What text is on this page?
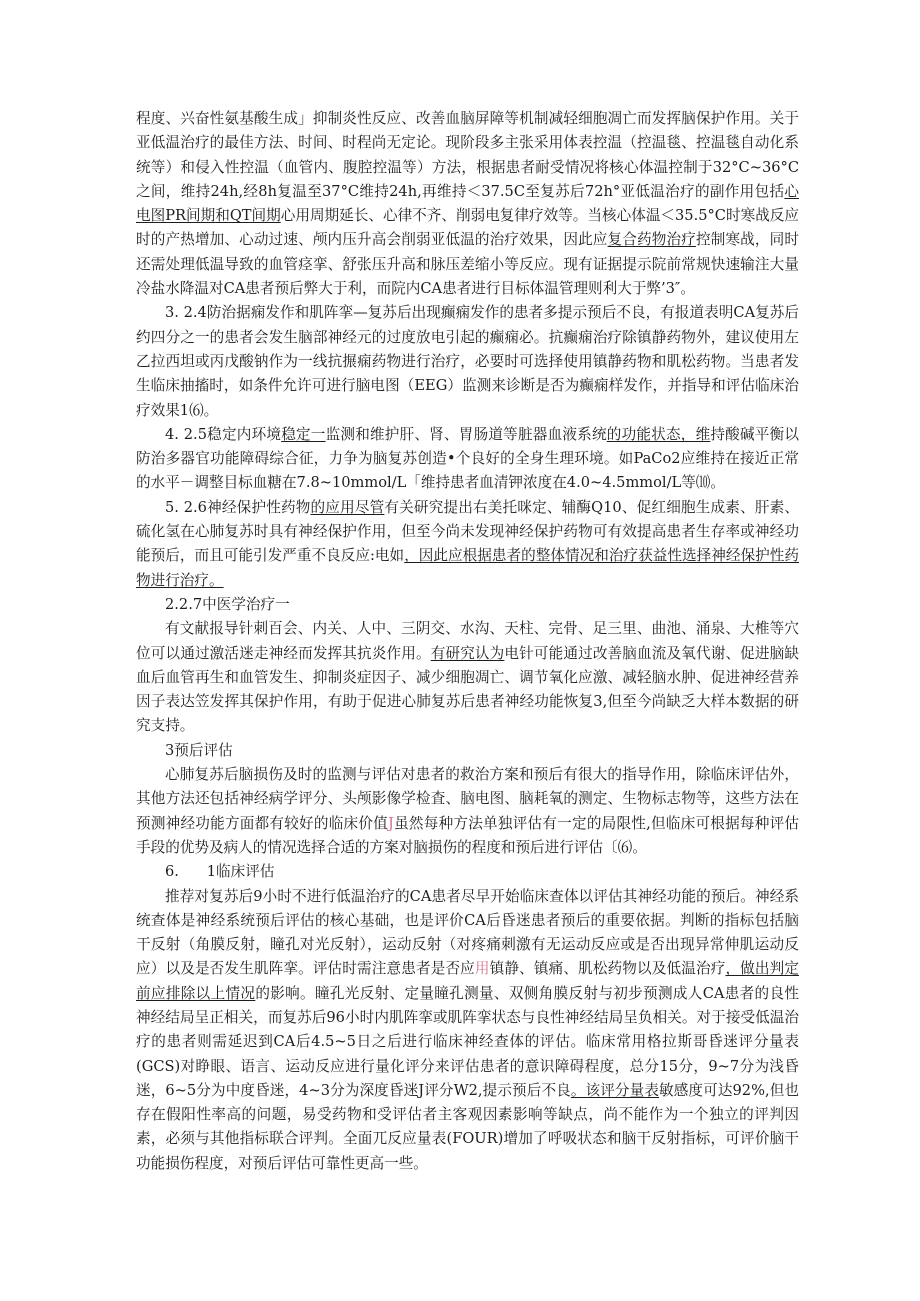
程度、兴奋性氨基酸生成」抑制炎性反应、改善血脑屏障等机制减轻细胞凋亡而发挥脑保护作用。关于亚低温治疗的最佳方法、时间、时程尚无定论。现阶段多主张采用体表控温（控温毯、控温毯自动化系统等）和侵入性控温（血管内、腹腔控温等）方法，根据患者耐受情况将核心体温控制于32°C~36°C之间，维持24h,经8h复温至37°C维持24h,再维持＜37.5C至复苏后72h°亚低温治疗的副作用包括心电图PR间期和QT间期心用周期延长、心律不齐、削弱电复律疗效等。当核心体温＜35.5°C时寒战反应时的产热增加、心动过速、颅内压升高会削弱亚低温的治疗效果，因此应复合药物治疗控制寒战，同时还需处理低温导致的血管痉挛、舒张压升高和脉压差缩小等反应。现有证据提示院前常规快速输注大量冷盐水降温对CA患者预后弊大于利，而院内CA患者进行目标体温管理则利大于弊’3″。

3. 2.4防治据痫发作和肌阵挛—复苏后出现癫痫发作的患者多提示预后不良，有报道表明CA复苏后约四分之一的患者会发生脑部神经元的过度放电引起的癫痫必。抗癫痫治疗除镇静药物外，建议使用左乙拉西坦或丙戊酸钠作为一线抗搌痫药物进行治疗，必要时可选择使用镇静药物和肌松药物。当患者发生临床抽搐时，如条件允许可进行脑电图（EEG）监测来诊断是否为癫痫样发作，并指导和评估临床治疗效果1⑹。

4. 2.5稳定内环境稳定一监测和维护肝、肾、胃肠道等脏器血液系统的功能状态，维持酸碱平衡以防治多器官功能障碍综合征，力争为脑复苏创造•个良好的全身生理环境。如PaCo2应维持在接近正常的水平－调整目标血糖在7.8~10mmol∕L「维持患者血清钾浓度在4.0~4.5mmol∕L等⑽。

5. 2.6神经保护性药物的应用尽管有关研究提出右美托咪定、辅酶Q10、促红细胞生成素、肝素、硫化氢在心肺复苏时具有神经保护作用，但至今尚未发现神经保护药物可有效提高患者生存率或神经功能预后，而且可能引发严重不良反应:电如，因此应根据患者的整体情况和治疗获益性选择神经保护性药物进行治疗。

2.2.7中医学治疗一

有文献报导针刺百会、内关、人中、三阴交、水沟、天柱、完骨、足三里、曲池、涌泉、大椎等穴位可以通过激活迷走神经而发挥其抗炎作用。有研究认为电针可能通过改善脑血流及氧代谢、促进脑缺血后血管再生和血管发生、抑制炎症因子、减少细胞凋亡、调节氧化应激、减轻脑水肿、促进神经营养因子表达笠发挥其保护作用，有助于促进心肺复苏后患者神经功能恢复3,但至今尚缺乏大样本数据的研究支持。

3预后评估

心肺复苏后脑损伤及时的监测与评估对患者的救治方案和预后有很大的指导作用，除临床评估外，其他方法还包括神经病学评分、头颅影像学检査、脑电图、脑耗氧的测定、生物标志物等，这些方法在预测神经功能方面都有较好的临床价值J虽然每种方法单独评估有一定的局限性,但临床可根据每种评估手段的优势及病人的情况选择合适的方案对脑损伤的程度和预后进行评估〔⑹。

6.      1临床评估

推荐对复苏后9小时不进行低温治疗的CA患者尽早开始临床查体以评估其神经功能的预后。神经系统查体是神经系统预后评估的核心基础，也是评价CA后昏迷患者预后的重要依据。判断的指标包括脑干反射（角膜反射，瞳孔对光反射），运动反射（对疼痛刺激有无运动反应或是否出现异常伸肌运动反应）以及是否发生肌阵挛。评估时需注意患者是否应用镇静、镇痛、肌松药物以及低温治疗，做出判定前应排除以上情况的影响。瞳孔光反射、定量瞳孔测量、双侧角膜反射与初步预测成人CA患者的良性神经结局呈正相关，而复苏后96小时内肌阵挛或肌阵挛状态与良性神经结局呈负相关。对于接受低温治疗的患者则需延迟到CA后4.5~5日之后进行临床神经查体的评估。临床常用格拉斯哥昏迷评分量表(GCS)对睁眼、语言、运动反应进行量化评分来评估患者的意识障碍程度，总分15分，9~7分为浅昏迷，6~5分为中度昏迷，4~3分为深度昏迷J评分W2,提示预后不良。该评分量表敏感度可达92%,但也存在假阳性率高的问题，易受药物和受评估者主客观因素影响等缺点，尚不能作为一个独立的评判因素，必须与其他指标联合评判。全面兀反应量表(FOUR)增加了呼吸状态和脑干反射指标，可评价脑干功能损伤程度，对预后评估可靠性更高一些。
